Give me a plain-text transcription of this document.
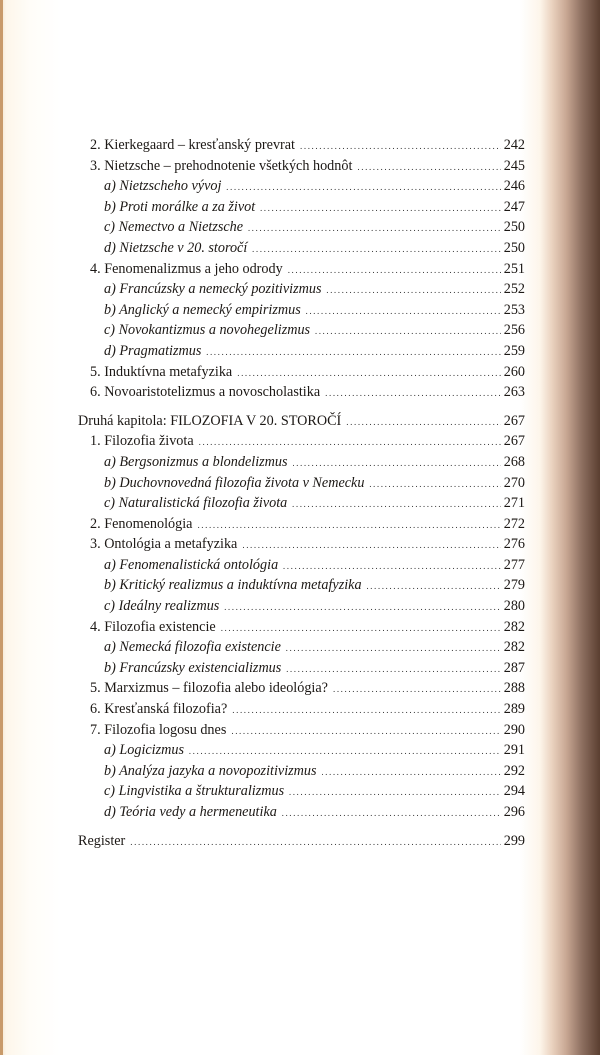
2. Kierkegaard – kresťanský prevrat .....	242
3. Nietzsche – prehodnotenie všetkých hodnôt .....	245
a) Nietzscheho vývoj .....	246
b) Proti morálke a za život .....	247
c) Nemectvo a Nietzsche .....	250
d) Nietzsche v 20. storočí .....	250
4. Fenomenalizmus a jeho odrody .....	251
a) Francúzsky a nemecký pozitivizmus .....	252
b) Anglický a nemecký empirizmus .....	253
c) Novokantizmus a novohegelizmus .....	256
d) Pragmatizmus .....	259
5. Induktívna metafyzika .....	260
6. Novoaristotelizmus a novoscholastika .....	263
Druhá kapitola: FILOZOFIA V 20. STOROČÍ .....	267
1. Filozofia života .....	267
a) Bergsonizmus a blondelizmus .....	268
b) Duchovnovedná filozofia života v Nemecku .....	270
c) Naturalistická filozofia života .....	271
2. Fenomenológia .....	272
3. Ontológia a metafyzika .....	276
a) Fenomenalistická ontológia .....	277
b) Kritický realizmus a induktívna metafyzika .....	279
c) Ideálny realizmus .....	280
4. Filozofia existencie .....	282
a) Nemecká filozofia existencie .....	282
b) Francúzsky existencializmus .....	287
5. Marxizmus – filozofia alebo ideológia? .....	288
6. Kresťanská filozofia? .....	289
7. Filozofia logosu dnes .....	290
a) Logicizmus .....	291
b) Analýza jazyka a novopozitivizmus .....	292
c) Lingvistika a štrukturalizmus .....	294
d) Teória vedy a hermeneutika .....	296
Register .....	299
